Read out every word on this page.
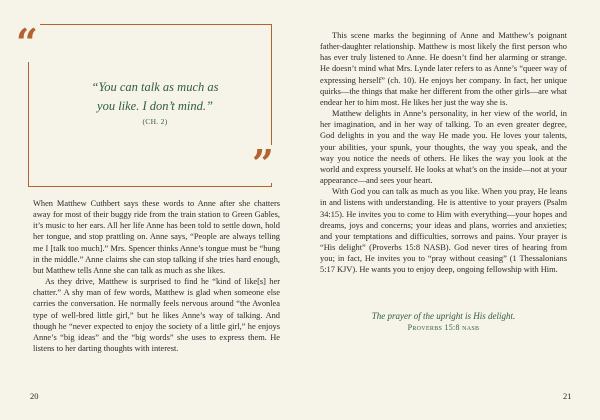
“
”
“You can talk as much as
you like. I don’t mind.”
(CH. 2)

When Matthew Cuthbert says these words to Anne after she chatters away for most of their buggy ride from the train station to Green Gables, it’s music to her ears. All her life Anne has been told to settle down, hold her tongue, and stop prattling on. Anne says, “People are always telling me I [talk too much].” Mrs. Spencer thinks Anne’s tongue must be “hung in the middle.” Anne claims she can stop talking if she tries hard enough, but Matthew tells Anne she can talk as much as she likes.

As they drive, Matthew is surprised to find he “kind of like[s] her chatter.” A shy man of few words, Matthew is glad when someone else carries the conversation. He normally feels nervous around “the Avonlea type of well-bred little girl,” but he likes Anne’s way of talking. And though he “never expected to enjoy the society of a little girl,” he enjoys Anne’s “big ideas” and the “big words” she uses to express them. He listens to her darting thoughts with interest.

This scene marks the beginning of Anne and Matthew’s poignant father-daughter relationship. Matthew is most likely the first person who has ever truly listened to Anne. He doesn’t find her alarming or strange. He doesn’t mind what Mrs. Lynde later refers to as Anne’s “queer way of expressing herself” (ch. 10). He enjoys her company. In fact, her unique quirks—the things that make her different from the other girls—are what endear her to him most. He likes her just the way she is.

Matthew delights in Anne’s personality, in her view of the world, in her imagination, and in her way of talking. To an even greater degree, God delights in you and the way He made you. He loves your talents, your abilities, your spunk, your thoughts, the way you speak, and the way you notice the needs of others. He likes the way you look at the world and express yourself. He looks at what’s on the inside—not at your appearance—and sees your heart.

With God you can talk as much as you like. When you pray, He leans in and listens with understanding. He is attentive to your prayers (Psalm 34:15). He invites you to come to Him with everything—your hopes and dreams, joys and concerns; your ideas and plans, worries and anxieties; and your temptations and difficulties, sorrows and pains. Your prayer is “His delight” (Proverbs 15:8 NASB). God never tires of hearing from you; in fact, He invites you to “pray without ceasing” (1 Thessalonians 5:17 KJV). He wants you to enjoy deep, ongoing fellowship with Him.

The prayer of the upright is His delight.
Proverbs 15:8 nasb
20	21
